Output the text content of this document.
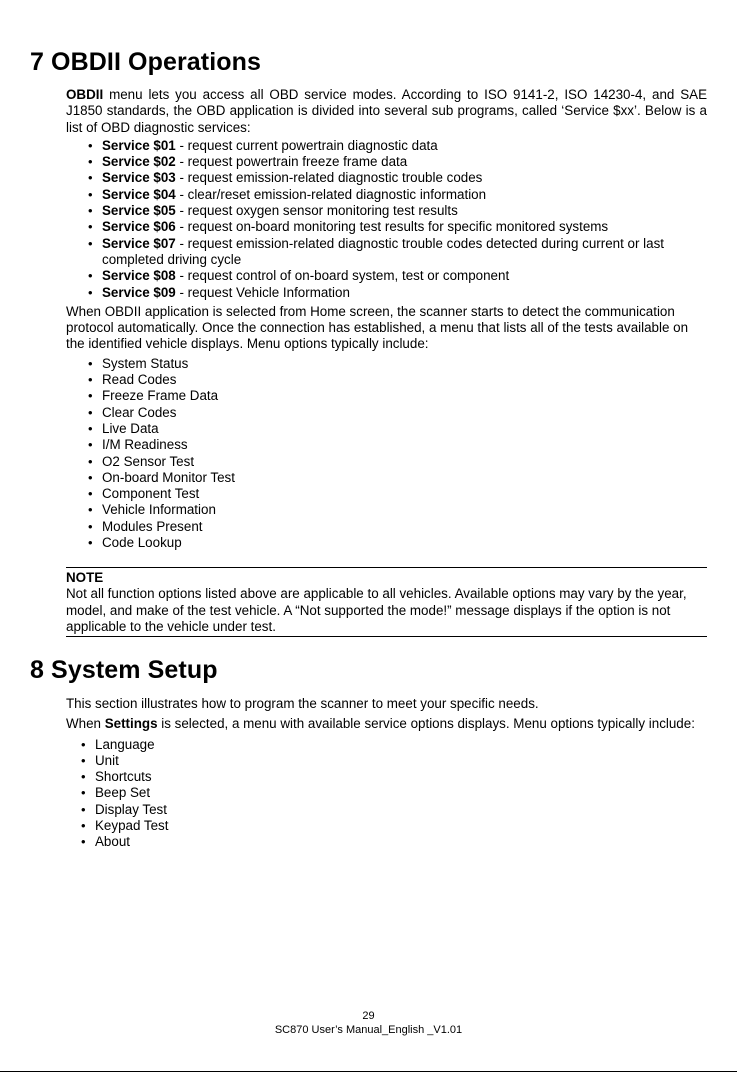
7 OBDII Operations

OBDII menu lets you access all OBD service modes. According to ISO 9141-2, ISO 14230-4, and SAE J1850 standards, the OBD application is divided into several sub programs, called ‘Service $xx’. Below is a list of OBD diagnostic services:

• Service $01 - request current powertrain diagnostic data
• Service $02 - request powertrain freeze frame data
• Service $03 - request emission-related diagnostic trouble codes
• Service $04 - clear/reset emission-related diagnostic information
• Service $05 - request oxygen sensor monitoring test results
• Service $06 - request on-board monitoring test results for specific monitored systems
• Service $07 - request emission-related diagnostic trouble codes detected during current or last completed driving cycle
• Service $08 - request control of on-board system, test or component
• Service $09 - request Vehicle Information

When OBDII application is selected from Home screen, the scanner starts to detect the communication protocol automatically. Once the connection has established, a menu that lists all of the tests available on the identified vehicle displays. Menu options typically include:

• System Status
• Read Codes
• Freeze Frame Data
• Clear Codes
• Live Data
• I/M Readiness
• O2 Sensor Test
• On-board Monitor Test
• Component Test
• Vehicle Information
• Modules Present
• Code Lookup
NOTE
Not all function options listed above are applicable to all vehicles. Available options may vary by the year, model, and make of the test vehicle. A “Not supported the mode!” message displays if the option is not applicable to the vehicle under test.
8 System Setup

This section illustrates how to program the scanner to meet your specific needs.

When Settings is selected, a menu with available service options displays. Menu options typically include:

• Language
• Unit
• Shortcuts
• Beep Set
• Display Test
• Keypad Test
• About
29
SC870 User’s Manual_English _V1.01
